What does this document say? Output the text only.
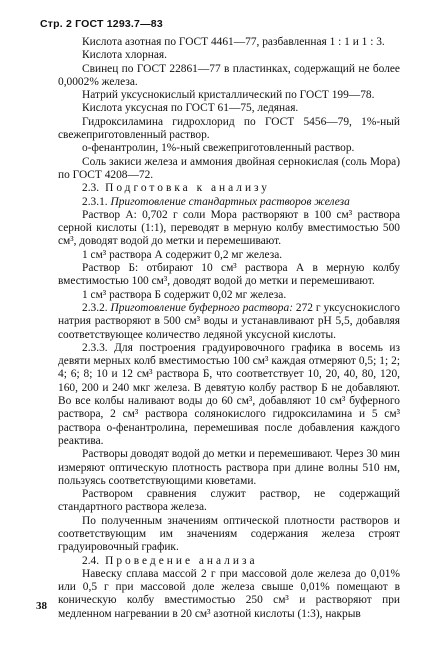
Стр. 2 ГОСТ 1293.7—83

Кислота азотная по ГОСТ 4461—77, разбавленная 1 : 1 и 1 : 3.

Кислота хлорная.

Свинец по ГОСТ 22861—77 в пластинках, содержащий не более 0,0002% железа.

Натрий уксуснокислый кристаллический по ГОСТ 199—78.

Кислота уксусная по ГОСТ 61—75, ледяная.

Гидроксиламина гидрохлорид по ГОСТ 5456—79, 1%-ный свежеприготовленный раствор.

о-фенантролин, 1%-ный свежеприготовленный раствор.

Соль закиси железа и аммония двойная сернокислая (соль Мора) по ГОСТ 4208—72.

2.3. Подготовка к анализу

2.3.1. Приготовление стандартных растворов железа

Раствор А: 0,702 г соли Мора растворяют в 100 см³ раствора серной кислоты (1:1), переводят в мерную колбу вместимостью 500 см³, доводят водой до метки и перемешивают.

1 см³ раствора А содержит 0,2 мг железа.

Раствор Б: отбирают 10 см³ раствора А в мерную колбу вместимостью 100 см³, доводят водой до метки и перемешивают.

1 см³ раствора Б содержит 0,02 мг железа.

2.3.2. Приготовление буферного раствора: 272 г уксуснокислого натрия растворяют в 500 см³ воды и устанавливают рН 5,5, добавляя соответствующее количество ледяной уксусной кислоты.

2.3.3. Для построения градуировочного графика в восемь из девяти мерных колб вместимостью 100 см³ каждая отмеряют 0,5; 1; 2; 4; 6; 8; 10 и 12 см³ раствора Б, что соответствует 10, 20, 40, 80, 120, 160, 200 и 240 мкг железа. В девятую колбу раствор Б не добавляют. Во все колбы наливают воды до 60 см³, добавляют 10 см³ буферного раствора, 2 см³ раствора солянокислого гидроксиламина и 5 см³ раствора о-фенантролина, перемешивая после добавления каждого реактива.

Растворы доводят водой до метки и перемешивают. Через 30 мин измеряют оптическую плотность раствора при длине волны 510 нм, пользуясь соответствующими кюветами.

Раствором сравнения служит раствор, не содержащий стандартного раствора железа.

По полученным значениям оптической плотности растворов и соответствующим им значениям содержания железа строят градуировочный график.

2.4. Проведение анализа

Навеску сплава массой 2 г при массовой доле железа до 0,01% или 0,5 г при массовой доле железа свыше 0,01% помещают в коническую колбу вместимостью 250 см³ и растворяют при медленном нагревании в 20 см³ азотной кислоты (1:3), накрыв

38
